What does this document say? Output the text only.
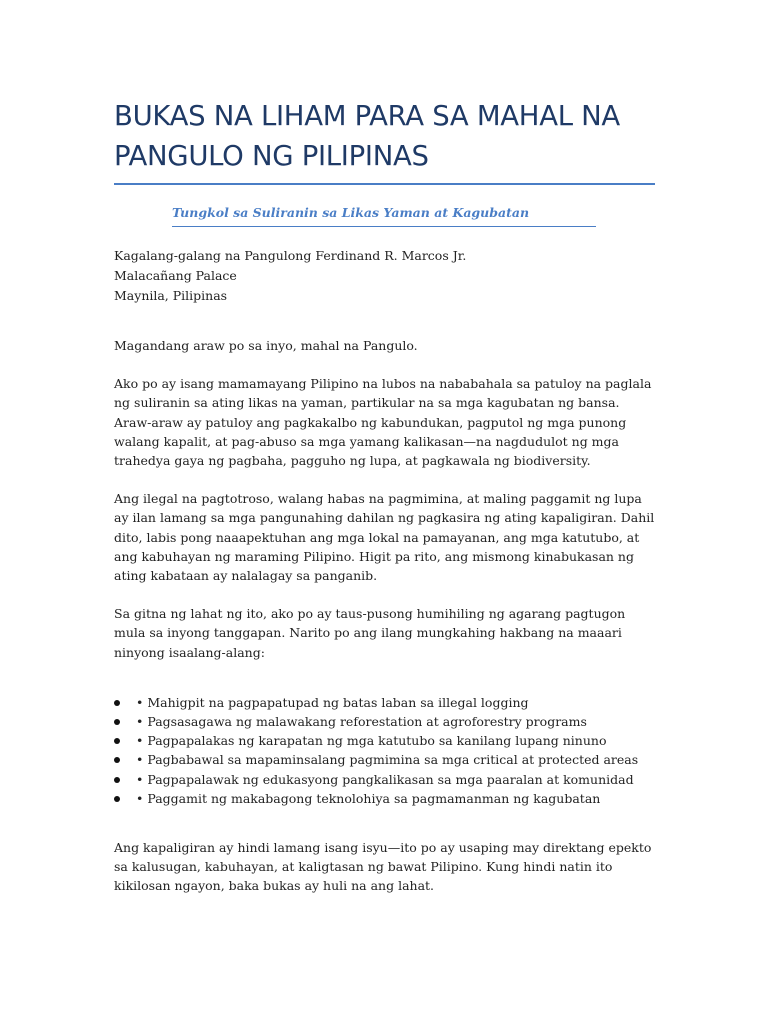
BUKAS NA LIHAM PARA SA MAHAL NA PANGULO NG PILIPINAS
Tungkol sa Suliranin sa Likas Yaman at Kagubatan
Kagalang-galang na Pangulong Ferdinand R. Marcos Jr.
Malacañang Palace
Maynila, Pilipinas

Magandang araw po sa inyo, mahal na Pangulo.

Ako po ay isang mamamayang Pilipino na lubos na nababahala sa patuloy na paglala ng suliranin sa ating likas na yaman, partikular na sa mga kagubatan ng bansa. Araw-araw ay patuloy ang pagkakalbo ng kabundukan, pagputol ng mga punong walang kapalit, at pag-abuso sa mga yamang kalikasan—na nagdudulot ng mga trahedya gaya ng pagbaha, pagguho ng lupa, at pagkawala ng biodiversity.

Ang ilegal na pagtotroso, walang habas na pagmimina, at maling paggamit ng lupa ay ilan lamang sa mga pangunahing dahilan ng pagkasira ng ating kapaligiran. Dahil dito, labis pong naaapektuhan ang mga lokal na pamayanan, ang mga katutubo, at ang kabuhayan ng maraming Pilipino. Higit pa rito, ang mismong kinabukasan ng ating kabataan ay nalalagay sa panganib.

Sa gitna ng lahat ng ito, ako po ay taus-pusong humihiling ng agarang pagtugon mula sa inyong tanggapan. Narito po ang ilang mungkahing hakbang na maaari ninyong isaalang-alang:

• Mahigpit na pagpapatupad ng batas laban sa illegal logging
• Pagsasagawa ng malawakang reforestation at agroforestry programs
• Pagpapalakas ng karapatan ng mga katutubo sa kanilang lupang ninuno
• Pagbabawal sa mapaminsalang pagmimina sa mga critical at protected areas
• Pagpapalawak ng edukasyong pangkalikasan sa mga paaralan at komunidad
• Paggamit ng makabagong teknolohiya sa pagmamanman ng kagubatan

Ang kapaligiran ay hindi lamang isang isyu—ito po ay usaping may direktang epekto sa kalusugan, kabuhayan, at kaligtasan ng bawat Pilipino. Kung hindi natin ito kikilosan ngayon, baka bukas ay huli na ang lahat.
